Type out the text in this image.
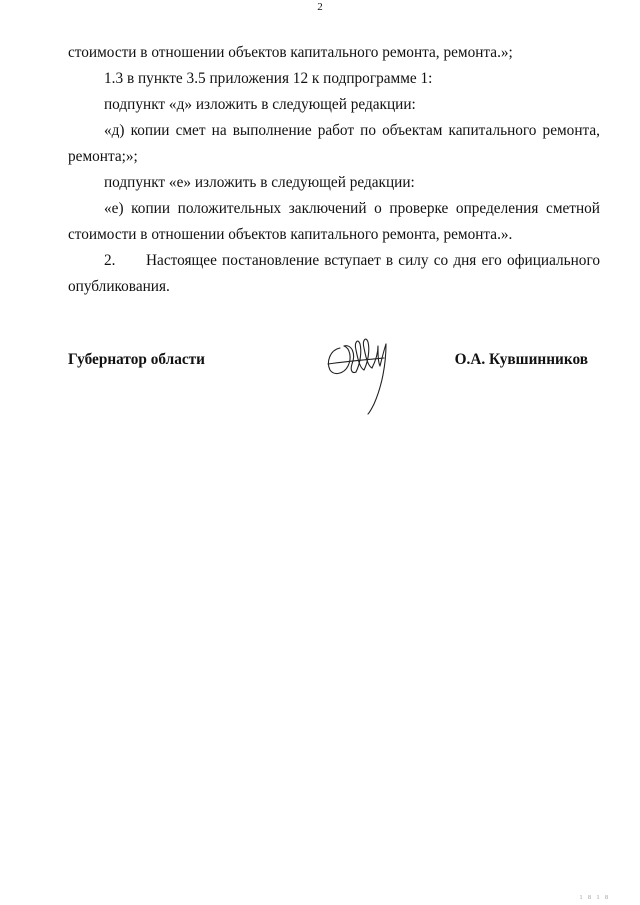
2

стоимости в отношении объектов капитального ремонта, ремонта.»;

1.3 в пункте 3.5 приложения 12 к подпрограмме 1:

подпункт «д» изложить в следующей редакции:

«д) копии смет на выполнение работ по объектам капитального ремонта, ремонта;»;

подпункт «е» изложить в следующей редакции:

«е) копии положительных заключений о проверке определения сметной стоимости в отношении объектов капитального ремонта, ремонта.».

2. Настоящее постановление вступает в силу со дня его официального опубликования.

Губернатор области	О.А. Кувшинников
1 8 1 8
